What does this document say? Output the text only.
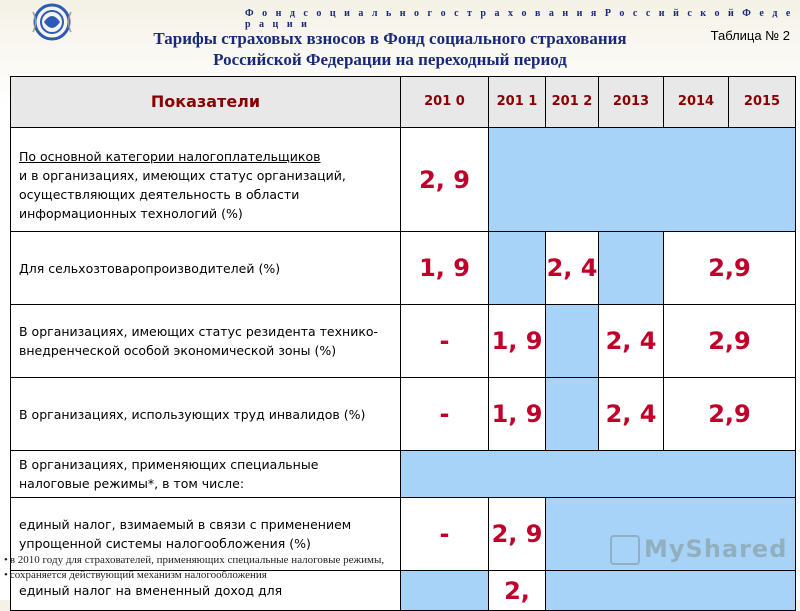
Ф о н д с о ц и а л ь н о г о с т р а х о в а н и я Р о с с и й с к о й Ф е д е р а ц и и
Тарифы страховых взносов в Фонд социального страхования
Российской Федерации на переходный период
Таблица № 2
Показатели	201 0	201 1	201 2	2013	2014	2015
По основной категории налогоплательщиков
и в организациях, имеющих статус организаций, осуществляющих деятельность в области информационных технологий (%)	2, 9					
Для сельхозтоваропроизводителей (%)	1, 9		2, 4		2,9	
В организациях, имеющих статус резидента технико-внедренческой особой экономической зоны (%)	-	1, 9		2, 4	2,9	
В организациях, использующих труд инвалидов (%)	-	1, 9		2, 4	2,9	
В организациях, применяющих специальные налоговые режимы*, в том числе:						
единый налог, взимаемый в связи с применением упрощенной системы налогообложения (%)	-	2, 9				
единый налог на вмененный доход для		2,				
• в 2010 году для страхователей, применяющих специальные налоговые режимы,
• сохраняется действующий механизм налогообложения
MyShared
